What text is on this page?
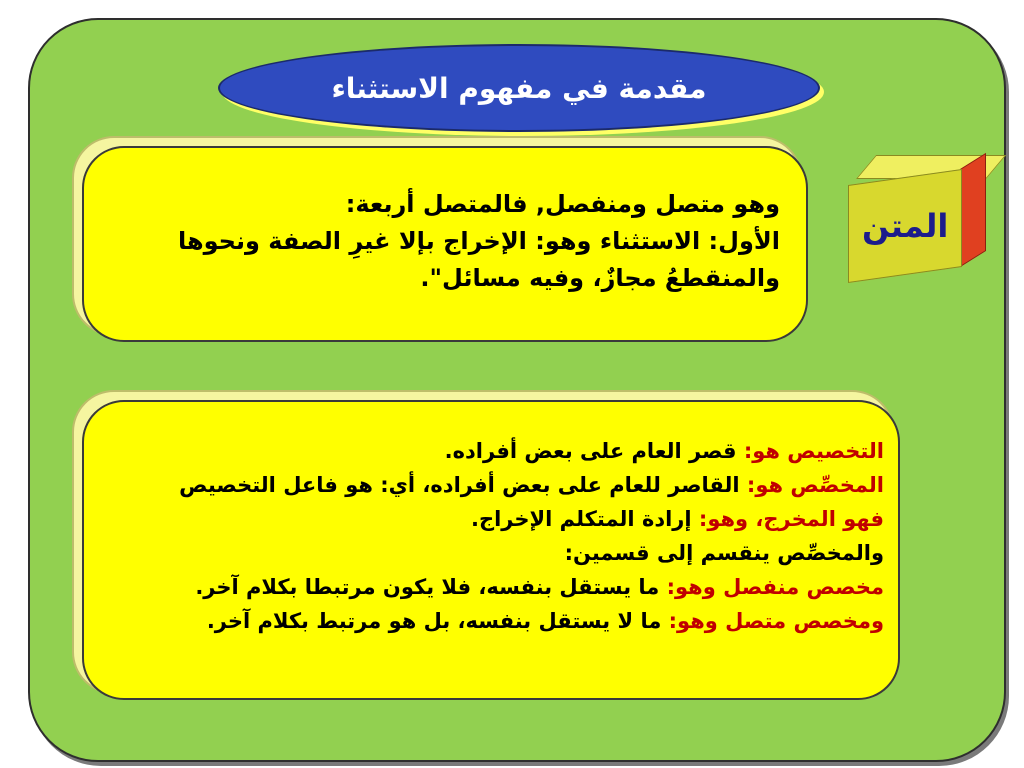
مقدمة في مفهوم الاستثناء
المتن

وهو متصل ومنفصل, فالمتصل أربعة:

الأول: الاستثناء وهو: الإخراج بإلا غيرِ الصفة ونحوها

والمنقطعُ مجازٌ، وفيه مسائل".

التخصيص هو: قصر العام على بعض أفراده.

المخصِّص هو: القاصر للعام على بعض أفراده، أي: هو فاعل التخصيص

فهو المخرج، وهو: إرادة المتكلم الإخراج.

والمخصِّص ينقسم إلى قسمين:

مخصص منفصل وهو: ما يستقل بنفسه، فلا يكون مرتبطا بكلام آخر.

ومخصص متصل وهو: ما لا يستقل بنفسه، بل هو مرتبط بكلام آخر.
